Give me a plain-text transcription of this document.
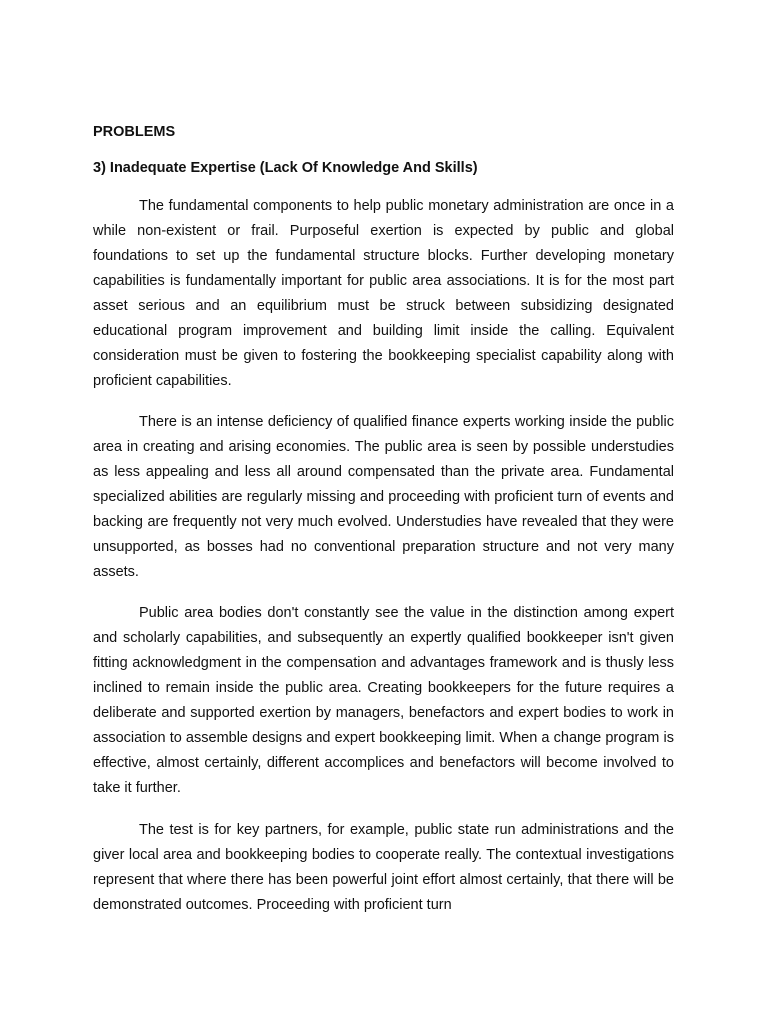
PROBLEMS
3) Inadequate Expertise (Lack Of Knowledge And Skills)

The fundamental components to help public monetary administration are once in a while non-existent or frail. Purposeful exertion is expected by public and global foundations to set up the fundamental structure blocks. Further developing monetary capabilities is fundamentally important for public area associations. It is for the most part asset serious and an equilibrium must be struck between subsidizing designated educational program improvement and building limit inside the calling. Equivalent consideration must be given to fostering the bookkeeping specialist capability along with proficient capabilities.

There is an intense deficiency of qualified finance experts working inside the public area in creating and arising economies. The public area is seen by possible understudies as less appealing and less all around compensated than the private area. Fundamental specialized abilities are regularly missing and proceeding with proficient turn of events and backing are frequently not very much evolved. Understudies have revealed that they were unsupported, as bosses had no conventional preparation structure and not very many assets.

Public area bodies don't constantly see the value in the distinction among expert and scholarly capabilities, and subsequently an expertly qualified bookkeeper isn't given fitting acknowledgment in the compensation and advantages framework and is thusly less inclined to remain inside the public area. Creating bookkeepers for the future requires a deliberate and supported exertion by managers, benefactors and expert bodies to work in association to assemble designs and expert bookkeeping limit. When a change program is effective, almost certainly, different accomplices and benefactors will become involved to take it further.

The test is for key partners, for example, public state run administrations and the giver local area and bookkeeping bodies to cooperate really. The contextual investigations represent that where there has been powerful joint effort almost certainly, that there will be demonstrated outcomes. Proceeding with proficient turn
